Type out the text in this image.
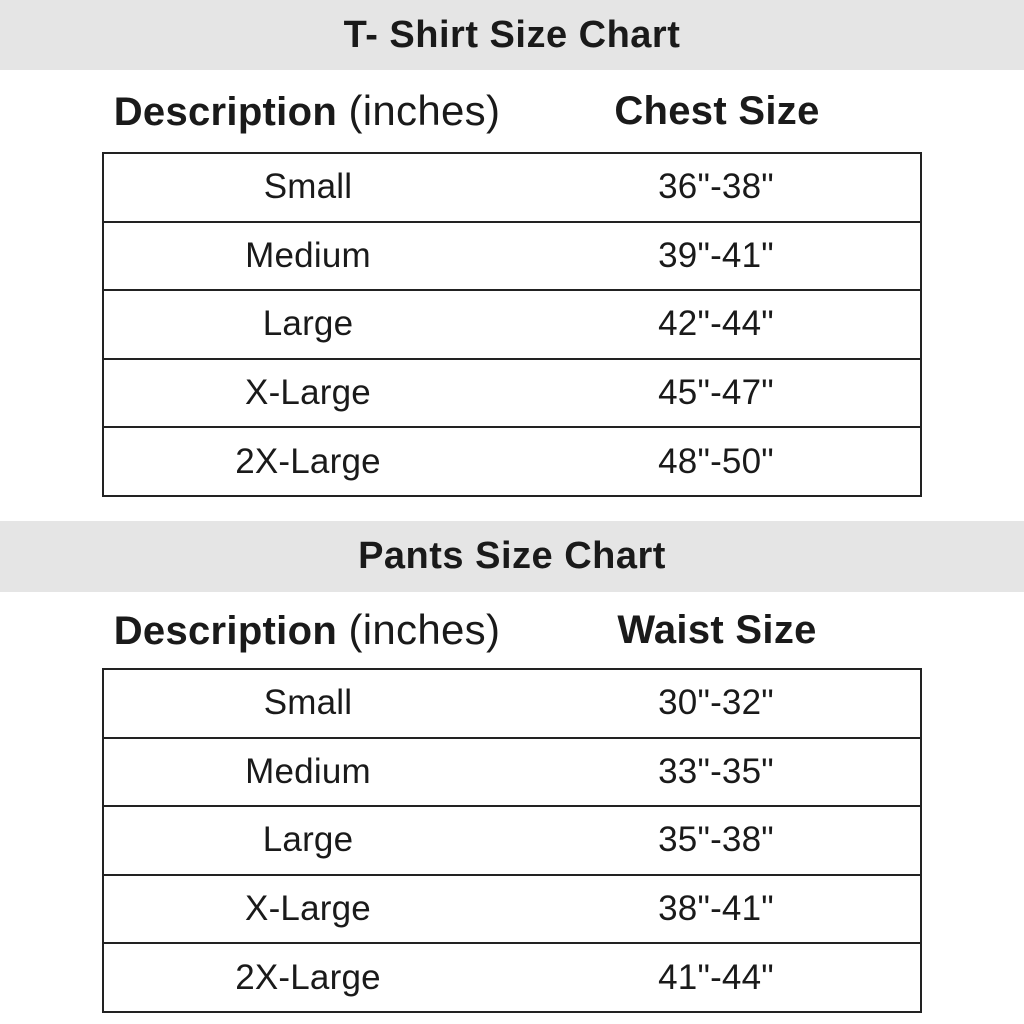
T- Shirt Size Chart
Description (inches)	Chest Size
Small	36"-38"
Medium	39"-41"
Large	42"-44"
X-Large	45"-47"
2X-Large	48"-50"
Pants Size Chart
Description (inches)	Waist Size
Small	30"-32"
Medium	33"-35"
Large	35"-38"
X-Large	38"-41"
2X-Large	41"-44"
